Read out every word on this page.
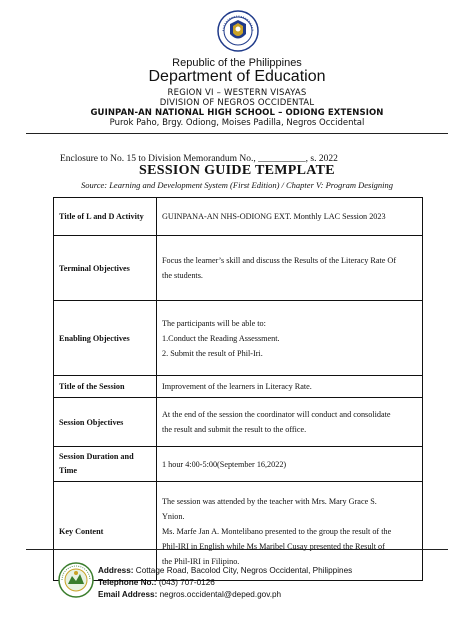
Republic of the Philippines
Department of Education
REGION VI – WESTERN VISAYAS
DIVISION OF NEGROS OCCIDENTAL
GUINPAN-AN NATIONAL HIGH SCHOOL – ODIONG EXTENSION
Purok Paho, Brgy. Odiong, Moises Padilla, Negros Occidental
Enclosure to No. 15 to Division Memorandum No., __________, s. 2022
SESSION GUIDE TEMPLATE
Source: Learning and Development System (First Edition) / Chapter V: Program Designing
Title of L and D Activity	GUINPANA-AN NHS-ODIONG EXT. Monthly LAC Session 2023

Terminal Objectives	Focus the learner’s skill and discuss the Results of the Literacy Rate Of
the students.

Enabling Objectives	The participants will be able to:
1.Conduct the Reading Assessment.
2. Submit the result of Phil-Iri.

Title of the Session	Improvement of the learners in Literacy Rate.

Session Objectives	At the end of the session the coordinator will conduct and consolidate
the result and submit the result to the office.

Session Duration and
Time	1 hour 4:00-5:00(September 16,2022)

Key Content	The session was attended by the teacher with Mrs. Mary Grace S.
Ynion.
Ms. Marfe Jan A. Montelibano presented to the group the result of the
Phil-IRI in English while Ms Maribel Cusay presented the Result of
the Phil-IRI in Filipino.
Address: Cottage Road, Bacolod City, Negros Occidental, Philippines
Telephone No.: (043) 707-0126
Email Address: negros.occidental@deped.gov.ph
